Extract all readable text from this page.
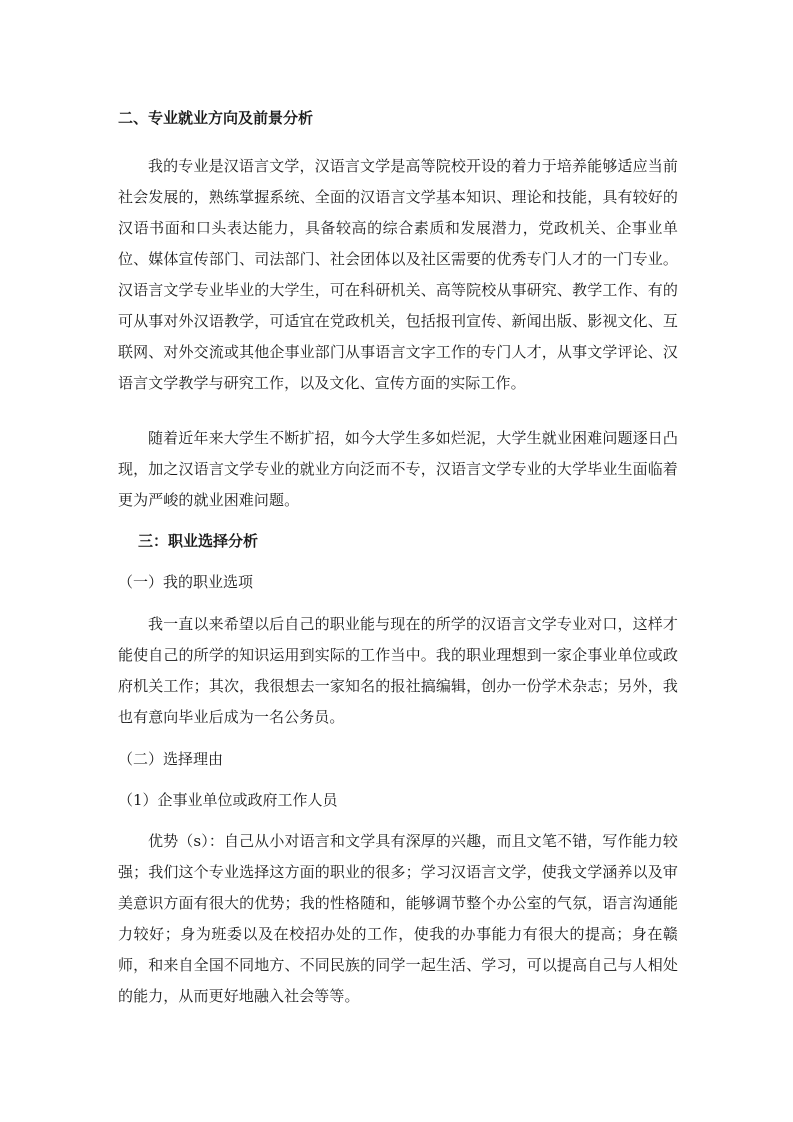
二、专业就业方向及前景分析

我的专业是汉语言文学，汉语言文学是高等院校开设的着力于培养能够适应当前社会发展的，熟练掌握系统、全面的汉语言文学基本知识、理论和技能，具有较好的汉语书面和口头表达能力，具备较高的综合素质和发展潜力，党政机关、企事业单位、媒体宣传部门、司法部门、社会团体以及社区需要的优秀专门人才的一门专业。汉语言文学专业毕业的大学生，可在科研机关、高等院校从事研究、教学工作、有的可从事对外汉语教学，可适宜在党政机关，包括报刊宣传、新闻出版、影视文化、互联网、对外交流或其他企事业部门从事语言文字工作的专门人才，从事文学评论、汉语言文学教学与研究工作，以及文化、宣传方面的实际工作。

随着近年来大学生不断扩招，如今大学生多如烂泥，大学生就业困难问题逐日凸现，加之汉语言文学专业的就业方向泛而不专，汉语言文学专业的大学毕业生面临着更为严峻的就业困难问题。

三：职业选择分析
（一）我的职业选项

我一直以来希望以后自己的职业能与现在的所学的汉语言文学专业对口，这样才能使自己的所学的知识运用到实际的工作当中。我的职业理想到一家企事业单位或政府机关工作；其次，我很想去一家知名的报社搞编辑，创办一份学术杂志；另外，我也有意向毕业后成为一名公务员。

（二）选择理由
（1）企事业单位或政府工作人员

优势（s）：自己从小对语言和文学具有深厚的兴趣，而且文笔不错，写作能力较强；我们这个专业选择这方面的职业的很多；学习汉语言文学，使我文学涵养以及审美意识方面有很大的优势；我的性格随和，能够调节整个办公室的气氛，语言沟通能力较好；身为班委以及在校招办处的工作，使我的办事能力有很大的提高；身在赣师，和来自全国不同地方、不同民族的同学一起生活、学习，可以提高自己与人相处的能力，从而更好地融入社会等等。
